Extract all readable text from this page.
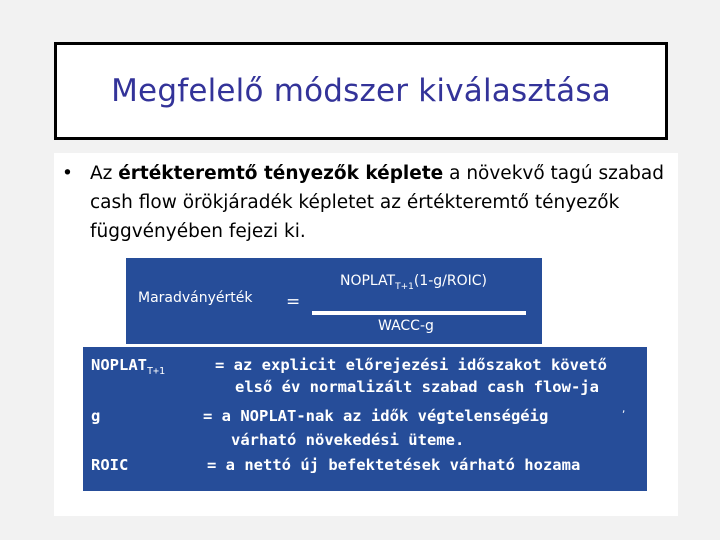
Megfelelő módszer kiválasztása
• Az értékteremtő tényezők képlete a növekvő tagú szabad cash flow örökjáradék képletet az értékteremtő tényezők függvényében fejezi ki.
Maradványérték =
$NOPLAT_{T+1}(1-g/ROIC)$
WACC-g
$NOPLAT_{T+1}$	= az explicit előrejezési időszakot követő
első év normalizált szabad cash flow-ja
,
g	= a NOPLAT-nak az idők végtelenségéig
várható növekedési üteme.
ROIC	= a nettó új befektetések várható hozama
